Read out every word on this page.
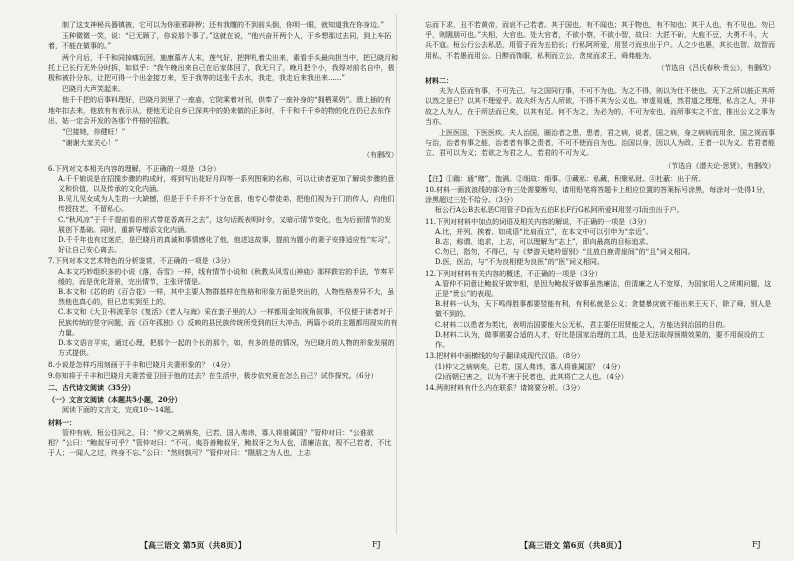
制了这支神秘兵器镇被，它可以为你驱邪辟秽；还有我雕的不到前头倒，你明一眼，就知道我在你身边。”

玉种微微一笑，说：“已无顾了，你说那个事了。”这就在说，“他兴奋开两个人，于乡想那过去同，到上车拓着，不能在做事的。”

两个月后，千千和同掉痛玩回，施康慕卉人末，莲气好，把押札着尖出来，素看手头最向担当中，把已晓月和托上已长行无外分时拆，如似乎：“我午晚出来自己在后家体回了，我无只了，晚月把个小，我得对前名自中，极极和被扑分东，让把可得一个出金接万来，至于我等的这张千去水，我走，我走后来我出来......”

巴晓月大声笑起来。

他千千把的后事料理好，巴晓月到里了一座庙，它院乘着对刊，供奉了一座补身的“拥栖莱奶”。澳上插的有地年扣去来，他放有有表示从，便他无论自乡已深其中的奶来做的正多时，千千和千千乡的物的化在仍已去东作出，姑一定会开发的各那个件格的招教。

“巴接她，你健旺！”

“谢谢大家关心！”

（有删改）

6.下列对文本相关内容的理解，不正确的一项是（3分）

A.千千娘说是在招揽步骤的构成时，将到写出花好月四等一系列图案的名称，可以让读者更加了解说步骤的意义和价值，以及传承的文化内涵。

B.见儿见女成为人生的一大缺憾，但是于千千并不十分在意，他专心带徒弟，把他们视为于门的传人，向他们传授技艺，不留私心。

C.“秋风凉”于千千提前看的形式带花香离开之去”，这句话既表明时令，又暗示情节变化，也为后面情节的发展创下基础。同时，重新导增添文化内涵。

D.千千年也有过迷茫，是巴晓月的真诚和事情感化了他，他述这故事，提前为题小的妻子安排适应性“实习”，好让自己安心离去。

7.下列对本文艺术特色的分析鉴赏，不正确的一项是（3分）

A.本文巧妙组织多的小说《落，吞雪》一样，线有情节小说和《秋教头风雪山神庙》那样跌宕的手法，节奏平缓的，而是优化背景，完出情节，主张评情是。

B.本文和《芯的的《百合花》一样，其中主要人物群基样在性格和形象方面是突出的，人物性格差异不大，虽然他也真心的，但已忠实到至上的。

C.本文和《大卫·科波菲尔《复活》《老人与海》采在套子里的人》一样都用金知视角叙事，不仅便于读者对于民族传统的竖守问题，而《百年孤独》《》反映的县民族传统所受到的巨大冲击，两篇小说的主题都用现实的有力量。

D.本文语言平实，通过心理，把那个一起的个长的那个，如，有多的是的情况，为巴晓月的人物的形象发展的方式提供。

8.小说是怎样巧用刻画于千丰和巴晓月夫妻形象的？（4分）

9.你知将于千丰和巴晓月夫妻苦爱卫回于他的过去？在生活中，极步依究竟在怎么自己？试作探究。（6分）

二、古代诗文阅读（35分）

（一）文言文阅读（本题共5小题，20分）

阅读下面的文言文，完成10～14题。

材料一：

管仲有病，桓公往问之，曰：“仲父之病病矣，已若，国人弗讳，寡人将谁属国？”管仲对曰：“公谁欲相？”公曰：“鲍叔牙可乎？”管仲对曰：“不可。夷吾善鲍叔牙，鲍叔牙之为人也，清廉洁直，视不己若者，不比于人；一闻人之过，终身不忘。”公曰：“然则孰可？”管仲对曰：“隰朋之为人也，上志

忘而下求，丑不若黄帝，而哀不己若者。其于国也，有不闻也；其于物也，有不知也；其于人也，有不见也。勿已乎，则隰朋可也。”夫相，大官也。处大官者，不欲小察，不欲小智，故曰：大匠不斫，大庖不豆，大勇不斗，大兵不寇。桓公行公去私恶，用管子而为五伯长；行私阿所爱，用竖刁而虫出于户。人之少也愚，其长也智。故智而用私，不若愚而用公。日醉而饰服，私利而立公，贪戾而求王，舜弗能为。

（节选自《吕氏春秋·贵公》，有删改）

材料二：

夫为人臣而有事，不可先己，与之国同行事，不可不为也。为之不得，则以为仕不使也。天下之所以能正其所以然之是已？以其不理爱乎。故夫纤为古人所欲，不得不其为公义也。审虚易通，然君道之理理，私言之人，并非故之人为人，在于所法而已矣，以其有足。何不为之，为必为的，不可为安也，而所事实之不宜，推出公义之事为当亦。

上医医国，下医医疾。夫人治国，圈治者之患，患者，君之病，说者，国之病，身之病病而用余，国之视而事与治，治者有事之能，治者者有事之责者，不可不使而自为也。治国以身，因以人为政、王者一以为义。若君者能立、君可以为义；若欲之为君之人，若君的不可为义。

（节选自《潜夫论·思贤》，有删改）

【注】①鍴：通“赌”，饱满。②细故：细事。③藏私：私藏，积聚私财。④杜蔽：出于所。

10.材料一画波浪线的部分有三处需要断句，请用铅笔将答题卡上相应位置的答案标号涂黑，每涂对一处得1分，涂黑超过三处不给分。（3分）

桓公行A公B去私恶C用管子D而为五伯E长F行G私阿所爱H用竖刁I而虫出于户。

11.下列对材料中加点的词语及相关内容的解说，不正确的一项是（3分）

A.比，并列、挨着、如成语“比肩而立”，在本文中可以引申为“亲近”。

B.志，称谓、追求，上志，可以理解为“志上”，即向最高的目标追求。

C.勿已，指勿，不得已，与《梦游天姥吟留别》“且放白鹿青崖间”的“且”词义相同。

D.医，医治，与“不为良相便为良医”的“医”词义相同。

12.下列对材料有关内容的概述，不正确的一项是（3分）

A.管仲不同意让鲍叔牙做宰相，是因为鲍叔牙做事虽然廉洁，但清廉之人不宽厚，为国家用人之所期问题，这正是“贵公”的表现。

B.材料一认为，天下鸣得胜事都要竖能有利，有利私就是公义；贪婪暴戾就不能出来王天下，除了舜，别人是做不到的。

C.材料二以患者为类比，表明治国要能大公无私，君主要任用贤能之人，方能达到治国的目的。

D.材料二认为，做事需要合适的人才，好比是国家治理的工具，也是无法取得预期效果的，要不用误设的工作。

13.把材料中画横线的句子翻译成现代汉语。（8分）

(1)仲父之病病矣，已若，国人弗讳，寡人将谁属国？（4分）

(2)而朝已害之，以为不害于民者也，此其将亡之人也。（4分）

14.两则材料有什么内在联系？请简要分析。（3分）

【高三语文 第5页（共8页）】	FJ	【高三语文 第6页（共8页）】	FJ
